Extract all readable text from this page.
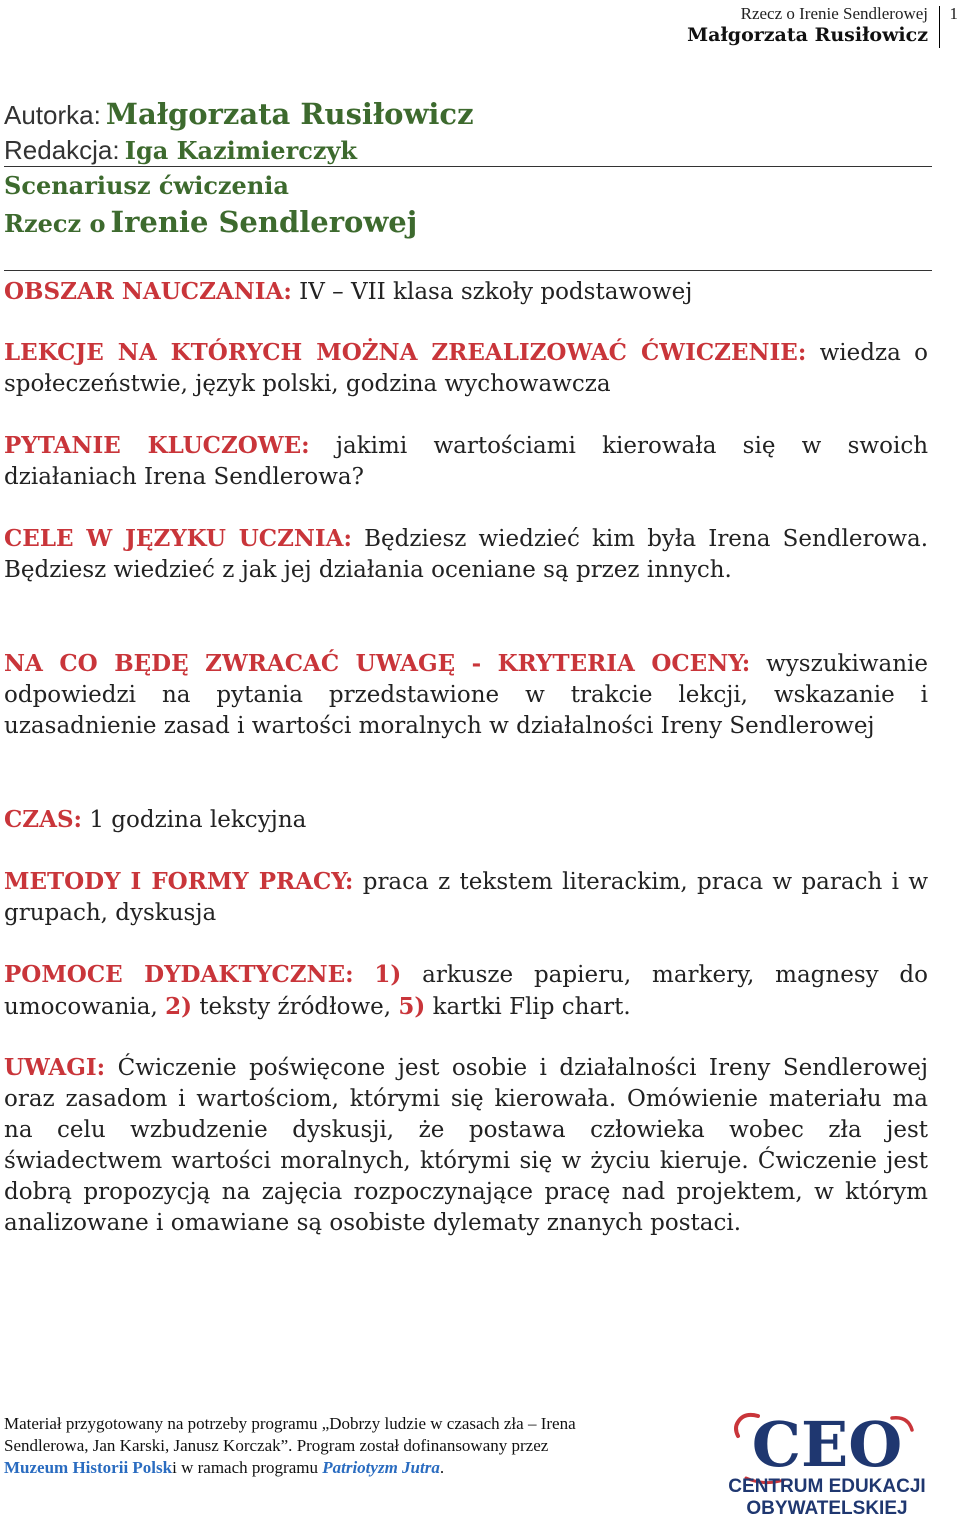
Rzecz o Irenie Sendlerowej
Małgorzata Rusiłowicz
1
Autorka: Małgorzata Rusiłowicz
Redakcja: Iga Kazimierczyk
Scenariusz ćwiczenia
Rzecz o Irenie Sendlerowej
OBSZAR NAUCZANIA: IV – VII klasa szkoły podstawowej
LEKCJE NA KTÓRYCH MOŻNA ZREALIZOWAĆ ĆWICZENIE: wiedza o społeczeństwie, język polski, godzina wychowawcza
PYTANIE KLUCZOWE: jakimi wartościami kierowała się w swoich działaniach Irena Sendlerowa?
CELE W JĘZYKU UCZNIA: Będziesz wiedzieć kim była Irena Sendlerowa. Będziesz wiedzieć z jak jej działania oceniane są przez innych.
NA CO BĘDĘ ZWRACAĆ UWAGĘ - KRYTERIA OCENY: wyszukiwanie odpowiedzi na pytania przedstawione w trakcie lekcji, wskazanie i uzasadnienie zasad i wartości moralnych w działalności Ireny Sendlerowej
CZAS: 1 godzina lekcyjna
METODY I FORMY PRACY: praca z tekstem literackim, praca w parach i w grupach, dyskusja
POMOCE DYDAKTYCZNE: 1) arkusze papieru, markery, magnesy do umocowania, 2) teksty źródłowe, 5) kartki Flip chart.
UWAGI: Ćwiczenie poświęcone jest osobie i działalności Ireny Sendlerowej oraz zasadom i wartościom, którymi się kierowała. Omówienie materiału ma na celu wzbudzenie dyskusji, że postawa człowieka wobec zła jest świadectwem wartości moralnych, którymi się w życiu kieruje. Ćwiczenie jest dobrą propozycją na zajęcia rozpoczynające pracę nad projektem, w którym analizowane i omawiane są osobiste dylematy znanych postaci.
Materiał przygotowany na potrzeby programu „Dobrzy ludzie w czasach zła – Irena Sendlerowa, Jan Karski, Janusz Korczak”. Program został dofinansowany przez Muzeum Historii Polski w ramach programu Patriotyzm Jutra.	CEO
CENTRUM EDUKACJI
OBYWATELSKIEJ
